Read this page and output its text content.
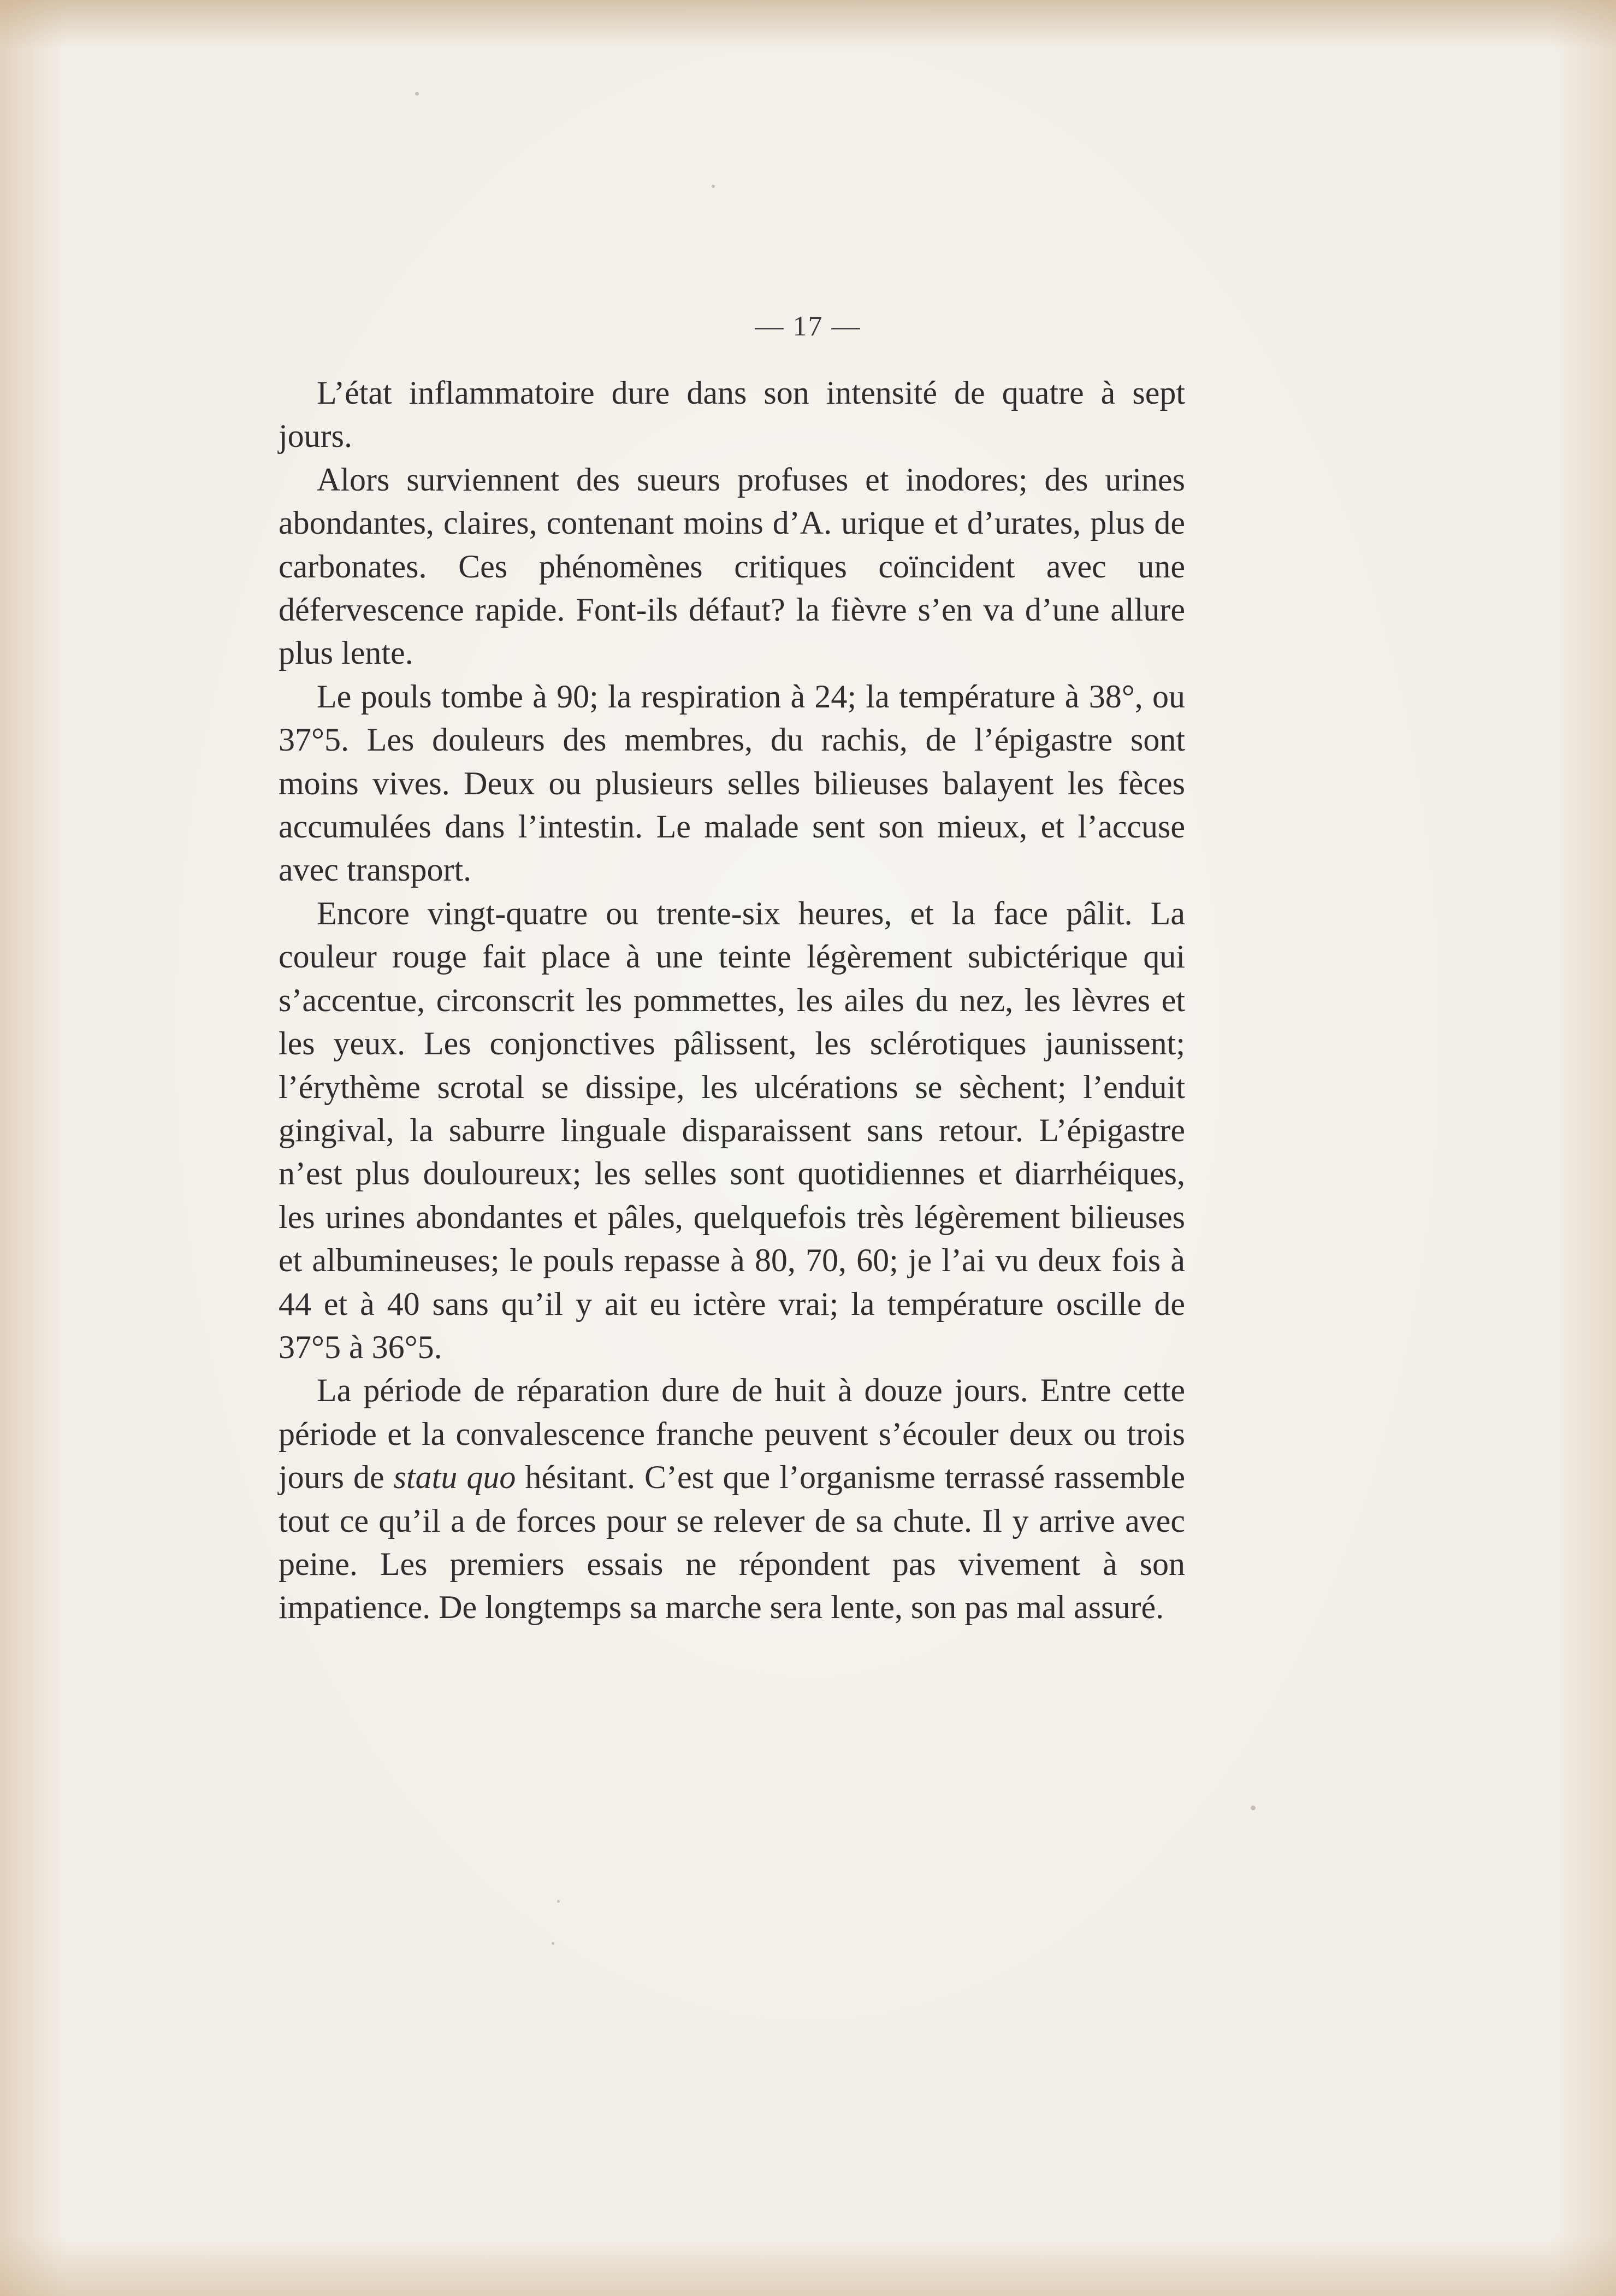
— 17 —

L’état inflammatoire dure dans son intensité de quatre à sept jours.

Alors surviennent des sueurs profuses et inodores; des urines abondantes, claires, contenant moins d’A. urique et d’urates, plus de carbonates. Ces phénomènes critiques coïncident avec une défervescence rapide. Font-ils défaut? la fièvre s’en va d’une allure plus lente.

Le pouls tombe à 90; la respiration à 24; la température à 38°, ou 37°5. Les douleurs des membres, du rachis, de l’épigastre sont moins vives. Deux ou plusieurs selles bilieuses balayent les fèces accumulées dans l’intestin. Le malade sent son mieux, et l’accuse avec transport.

Encore vingt-quatre ou trente-six heures, et la face pâlit. La couleur rouge fait place à une teinte légèrement subictérique qui s’accentue, circonscrit les pommettes, les ailes du nez, les lèvres et les yeux. Les conjonctives pâlissent, les sclérotiques jaunissent; l’érythème scrotal se dissipe, les ulcérations se sèchent; l’enduit gingival, la saburre linguale disparaissent sans retour. L’épigastre n’est plus douloureux; les selles sont quotidiennes et diarrhéiques, les urines abondantes et pâles, quelquefois très légèrement bilieuses et albumineuses; le pouls repasse à 80, 70, 60; je l’ai vu deux fois à 44 et à 40 sans qu’il y ait eu ictère vrai; la température oscille de 37°5 à 36°5.

La période de réparation dure de huit à douze jours. Entre cette période et la convalescence franche peuvent s’écouler deux ou trois jours de statu quo hésitant. C’est que l’organisme terrassé rassemble tout ce qu’il a de forces pour se relever de sa chute. Il y arrive avec peine. Les premiers essais ne répondent pas vivement à son impatience. De longtemps sa marche sera lente, son pas mal assuré.
